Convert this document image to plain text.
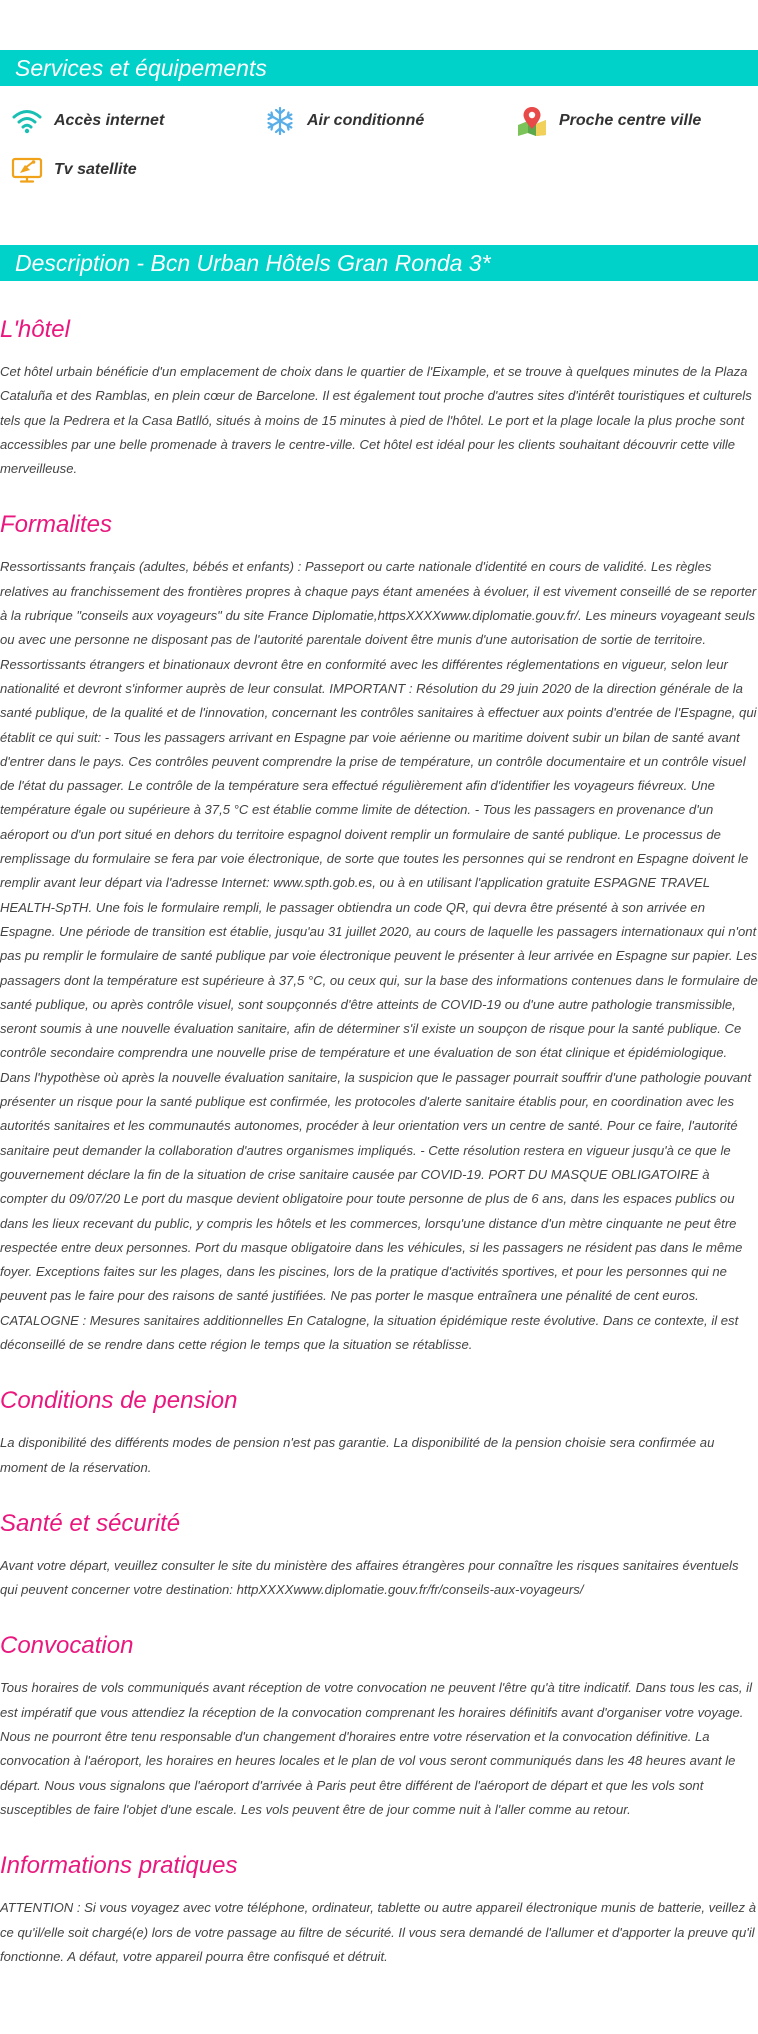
Services et équipements
Accès internet	Air conditionné	Proche centre ville
Tv satellite
Description - Bcn Urban Hôtels Gran Ronda 3*
L'hôtel

Cet hôtel urbain bénéficie d'un emplacement de choix dans le quartier de l'Eixample, et se trouve à quelques minutes de la Plaza Cataluña et des Ramblas, en plein cœur de Barcelone. Il est également tout proche d'autres sites d'intérêt touristiques et culturels tels que la Pedrera et la Casa Batlló, situés à moins de 15 minutes à pied de l'hôtel. Le port et la plage locale la plus proche sont accessibles par une belle promenade à travers le centre-ville. Cet hôtel est idéal pour les clients souhaitant découvrir cette ville merveilleuse.

Formalites

Ressortissants français (adultes, bébés et enfants) : Passeport ou carte nationale d'identité en cours de validité. Les règles relatives au franchissement des frontières propres à chaque pays étant amenées à évoluer, il est vivement conseillé de se reporter à la rubrique "conseils aux voyageurs" du site France Diplomatie,httpsXXXXwww.diplomatie.gouv.fr/. Les mineurs voyageant seuls ou avec une personne ne disposant pas de l'autorité parentale doivent être munis d'une autorisation de sortie de territoire. Ressortissants étrangers et binationaux devront être en conformité avec les différentes réglementations en vigueur, selon leur nationalité et devront s'informer auprès de leur consulat. IMPORTANT : Résolution du 29 juin 2020 de la direction générale de la santé publique, de la qualité et de l'innovation, concernant les contrôles sanitaires à effectuer aux points d'entrée de l'Espagne, qui établit ce qui suit: - Tous les passagers arrivant en Espagne par voie aérienne ou maritime doivent subir un bilan de santé avant d'entrer dans le pays. Ces contrôles peuvent comprendre la prise de température, un contrôle documentaire et un contrôle visuel de l'état du passager. Le contrôle de la température sera effectué régulièrement afin d'identifier les voyageurs fiévreux. Une température égale ou supérieure à 37,5 °C est établie comme limite de détection. - Tous les passagers en provenance d'un aéroport ou d'un port situé en dehors du territoire espagnol doivent remplir un formulaire de santé publique. Le processus de remplissage du formulaire se fera par voie électronique, de sorte que toutes les personnes qui se rendront en Espagne doivent le remplir avant leur départ via l'adresse Internet: www.spth.gob.es, ou à en utilisant l'application gratuite ESPAGNE TRAVEL HEALTH-SpTH. Une fois le formulaire rempli, le passager obtiendra un code QR, qui devra être présenté à son arrivée en Espagne. Une période de transition est établie, jusqu'au 31 juillet 2020, au cours de laquelle les passagers internationaux qui n'ont pas pu remplir le formulaire de santé publique par voie électronique peuvent le présenter à leur arrivée en Espagne sur papier. Les passagers dont la température est supérieure à 37,5 °C, ou ceux qui, sur la base des informations contenues dans le formulaire de santé publique, ou après contrôle visuel, sont soupçonnés d'être atteints de COVID-19 ou d'une autre pathologie transmissible, seront soumis à une nouvelle évaluation sanitaire, afin de déterminer s'il existe un soupçon de risque pour la santé publique. Ce contrôle secondaire comprendra une nouvelle prise de température et une évaluation de son état clinique et épidémiologique. Dans l'hypothèse où après la nouvelle évaluation sanitaire, la suspicion que le passager pourrait souffrir d'une pathologie pouvant présenter un risque pour la santé publique est confirmée, les protocoles d'alerte sanitaire établis pour, en coordination avec les autorités sanitaires et les communautés autonomes, procéder à leur orientation vers un centre de santé. Pour ce faire, l'autorité sanitaire peut demander la collaboration d'autres organismes impliqués. - Cette résolution restera en vigueur jusqu'à ce que le gouvernement déclare la fin de la situation de crise sanitaire causée par COVID-19. PORT DU MASQUE OBLIGATOIRE à compter du 09/07/20 Le port du masque devient obligatoire pour toute personne de plus de 6 ans, dans les espaces publics ou dans les lieux recevant du public, y compris les hôtels et les commerces, lorsqu'une distance d'un mètre cinquante ne peut être respectée entre deux personnes. Port du masque obligatoire dans les véhicules, si les passagers ne résident pas dans le même foyer. Exceptions faites sur les plages, dans les piscines, lors de la pratique d'activités sportives, et pour les personnes qui ne peuvent pas le faire pour des raisons de santé justifiées. Ne pas porter le masque entraînera une pénalité de cent euros. CATALOGNE : Mesures sanitaires additionnelles En Catalogne, la situation épidémique reste évolutive. Dans ce contexte, il est déconseillé de se rendre dans cette région le temps que la situation se rétablisse.

Conditions de pension

La disponibilité des différents modes de pension n'est pas garantie. La disponibilité de la pension choisie sera confirmée au moment de la réservation.

Santé et sécurité

Avant votre départ, veuillez consulter le site du ministère des affaires étrangères pour connaître les risques sanitaires éventuels qui peuvent concerner votre destination: httpXXXXwww.diplomatie.gouv.fr/fr/conseils-aux-voyageurs/

Convocation

Tous horaires de vols communiqués avant réception de votre convocation ne peuvent l'être qu'à titre indicatif. Dans tous les cas, il est impératif que vous attendiez la réception de la convocation comprenant les horaires définitifs avant d'organiser votre voyage. Nous ne pourront être tenu responsable d'un changement d'horaires entre votre réservation et la convocation définitive. La convocation à l'aéroport, les horaires en heures locales et le plan de vol vous seront communiqués dans les 48 heures avant le départ. Nous vous signalons que l'aéroport d'arrivée à Paris peut être différent de l'aéroport de départ et que les vols sont susceptibles de faire l'objet d'une escale. Les vols peuvent être de jour comme nuit à l'aller comme au retour.

Informations pratiques

ATTENTION : Si vous voyagez avec votre téléphone, ordinateur, tablette ou autre appareil électronique munis de batterie, veillez à ce qu'il/elle soit chargé(e) lors de votre passage au filtre de sécurité. Il vous sera demandé de l'allumer et d'apporter la preuve qu'il fonctionne. A défaut, votre appareil pourra être confisqué et détruit.
